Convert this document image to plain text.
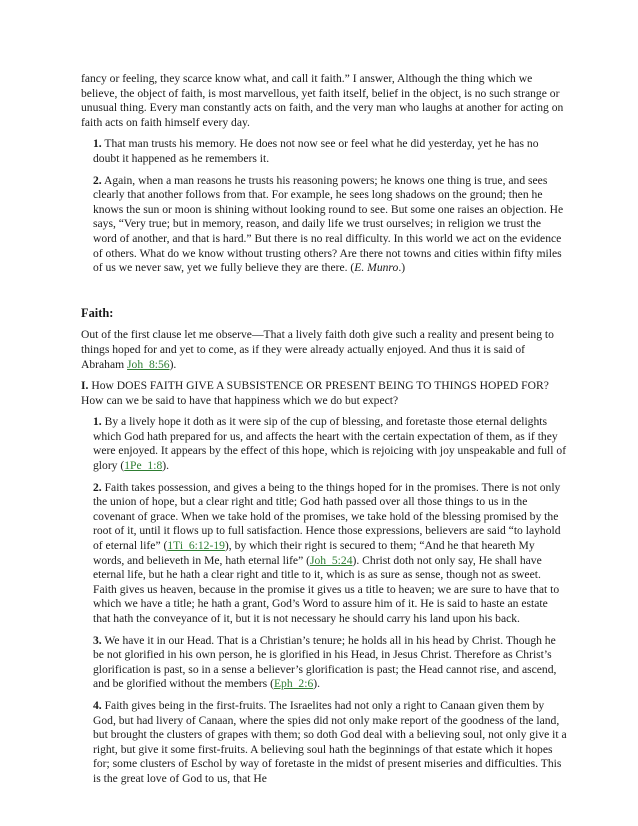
fancy or feeling, they scarce know what, and call it faith.” I answer, Although the thing which we believe, the object of faith, is most marvellous, yet faith itself, belief in the object, is no such strange or unusual thing. Every man constantly acts on faith, and the very man who laughs at another for acting on faith acts on faith himself every day.

1. That man trusts his memory. He does not now see or feel what he did yesterday, yet he has no doubt it happened as he remembers it.

2. Again, when a man reasons he trusts his reasoning powers; he knows one thing is true, and sees clearly that another follows from that. For example, he sees long shadows on the ground; then he knows the sun or moon is shining without looking round to see. But some one raises an objection. He says, “Very true; but in memory, reason, and daily life we trust ourselves; in religion we trust the word of another, and that is hard.” But there is no real difficulty. In this world we act on the evidence of others. What do we know without trusting others? Are there not towns and cities within fifty miles of us we never saw, yet we fully believe they are there. (E. Munro.)

Faith:

Out of the first clause let me observe—That a lively faith doth give such a reality and present being to things hoped for and yet to come, as if they were already actually enjoyed. And thus it is said of Abraham Joh_8:56).

I. How DOES FAITH GIVE A SUBSISTENCE OR PRESENT BEING TO THINGS HOPED FOR? How can we be said to have that happiness which we do but expect?

1. By a lively hope it doth as it were sip of the cup of blessing, and foretaste those eternal delights which God hath prepared for us, and affects the heart with the certain expectation of them, as if they were enjoyed. It appears by the effect of this hope, which is rejoicing with joy unspeakable and full of glory (1Pe_1:8).

2. Faith takes possession, and gives a being to the things hoped for in the promises. There is not only the union of hope, but a clear right and title; God hath passed over all those things to us in the covenant of grace. When we take hold of the promises, we take hold of the blessing promised by the root of it, until it flows up to full satisfaction. Hence those expressions, believers are said “to layhold of eternal life” (1Ti_6:12-19), by which their right is secured to them; “And he that heareth My words, and believeth in Me, hath eternal life” (Joh_5:24). Christ doth not only say, He shall have eternal life, but he hath a clear right and title to it, which is as sure as sense, though not as sweet. Faith gives us heaven, because in the promise it gives us a title to heaven; we are sure to have that to which we have a title; he hath a grant, God’s Word to assure him of it. He is said to haste an estate that hath the conveyance of it, but it is not necessary he should carry his land upon his back.

3. We have it in our Head. That is a Christian’s tenure; he holds all in his head by Christ. Though he be not glorified in his own person, he is glorified in his Head, in Jesus Christ. Therefore as Christ’s glorification is past, so in a sense a believer’s glorification is past; the Head cannot rise, and ascend, and be glorified without the members (Eph_2:6).

4. Faith gives being in the first-fruits. The Israelites had not only a right to Canaan given them by God, but had livery of Canaan, where the spies did not only make report of the goodness of the land, but brought the clusters of grapes with them; so doth God deal with a believing soul, not only give it a right, but give it some first-fruits. A believing soul hath the beginnings of that estate which it hopes for; some clusters of Eschol by way of foretaste in the midst of present miseries and difficulties. This is the great love of God to us, that He
